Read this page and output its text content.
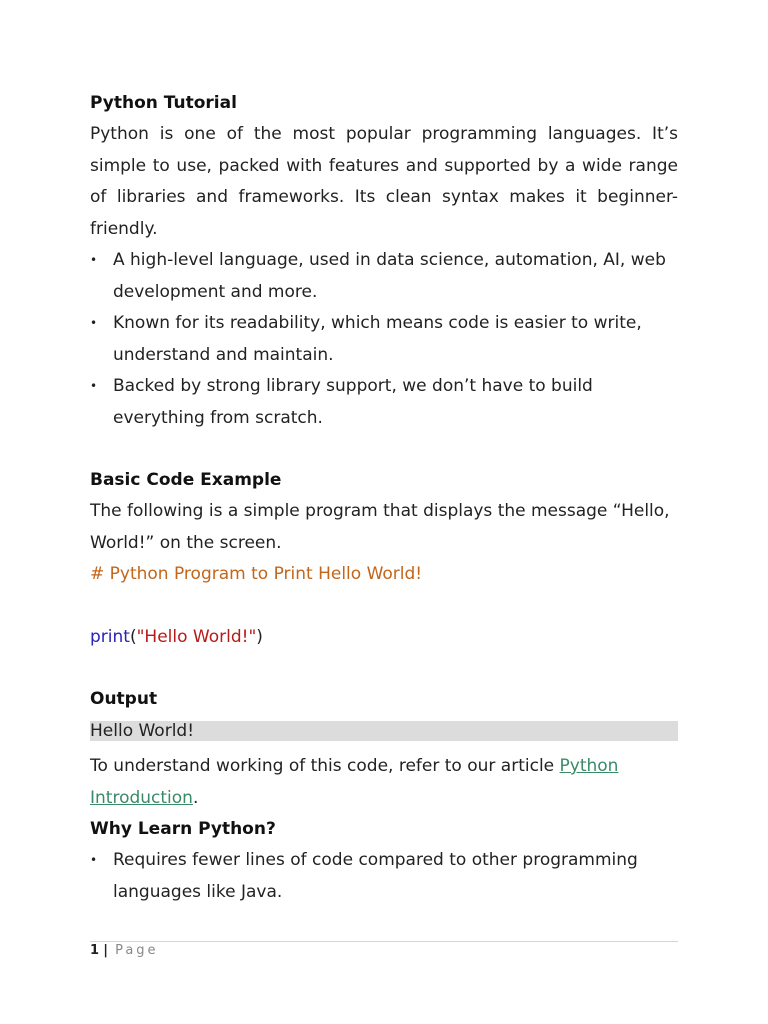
Python Tutorial

Python is one of the most popular programming languages. It’s simple to use, packed with features and supported by a wide range of libraries and frameworks. Its clean syntax makes it beginner-friendly.

• A high-level language, used in data science, automation, AI, web development and more.
• Known for its readability, which means code is easier to write, understand and maintain.
• Backed by strong library support, we don’t have to build everything from scratch.
Basic Code Example

The following is a simple program that displays the message “Hello, World!” on the screen.

# Python Program to Print Hello World!

print("Hello World!")

Output
Hello World!

To understand working of this code, refer to our article Python Introduction.

Why Learn Python?
• Requires fewer lines of code compared to other programming languages like Java.
1 | Page
